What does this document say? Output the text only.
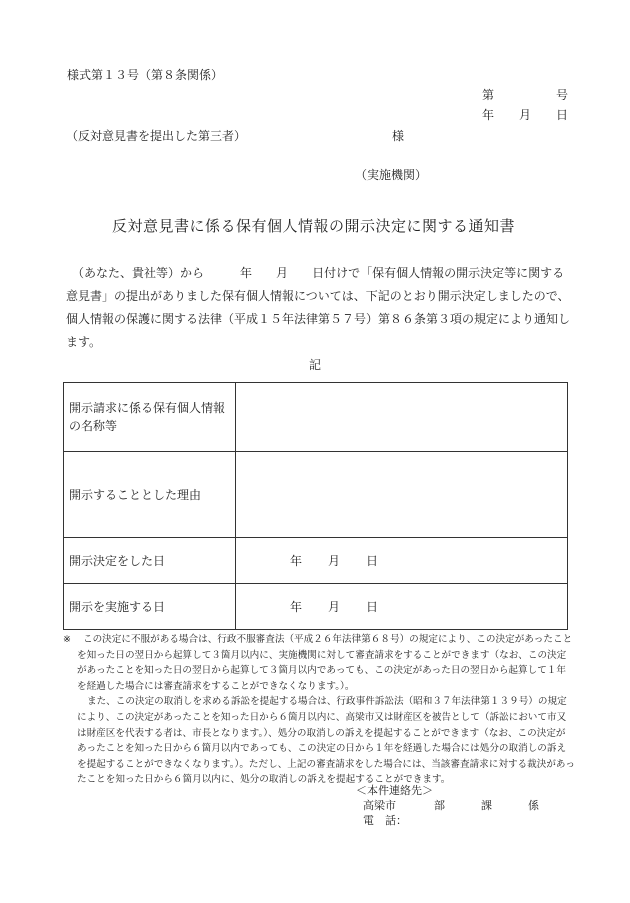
様式第１３号（第８条関係）
第	号
年 月 日
（反対意見書を提出した第三者）	様
（実施機関）
反対意見書に係る保有個人情報の開示決定に関する通知書

　（あなた、貴社等）から	年 月 日付けで「保有個人情報の開示決定等に関する意見書」の提出がありました保有個人情報については、下記のとおり開示決定しましたので、個人情報の保護に関する法律（平成１５年法律第５７号）第８６条第３項の規定により通知します。

記
開示請求に係る保有個人情報の名称等	

開示することとした理由	
開示決定をした日	年 月 日

開示を実施する日	年 月 日
※ この決定に不服がある場合は、行政不服審査法（平成２６年法律第６８号）の規定により、この決定があったことを知った日の翌日から起算して３箇月以内に、実施機関に対して審査請求をすることができます（なお、この決定があったことを知った日の翌日から起算して３箇月以内であっても、この決定があった日の翌日から起算して１年を経過した場合には審査請求をすることができなくなります。）。
また、この決定の取消しを求める訴訟を提起する場合は、行政事件訴訟法（昭和３７年法律第１３９号）の規定により、この決定があったことを知った日から６箇月以内に、高梁市又は財産区を被告として（訴訟において市又は財産区を代表する者は、市長となります。）、処分の取消しの訴えを提起することができます（なお、この決定があったことを知った日から６箇月以内であっても、この決定の日から１年を経過した場合には処分の取消しの訴えを提起することができなくなります。）。ただし、上記の審査請求をした場合には、当該審査請求に対する裁決があったことを知った日から６箇月以内に、処分の取消しの訴えを提起することができます。
＜本件連絡先＞
高梁市	部	課	係
電　話：
